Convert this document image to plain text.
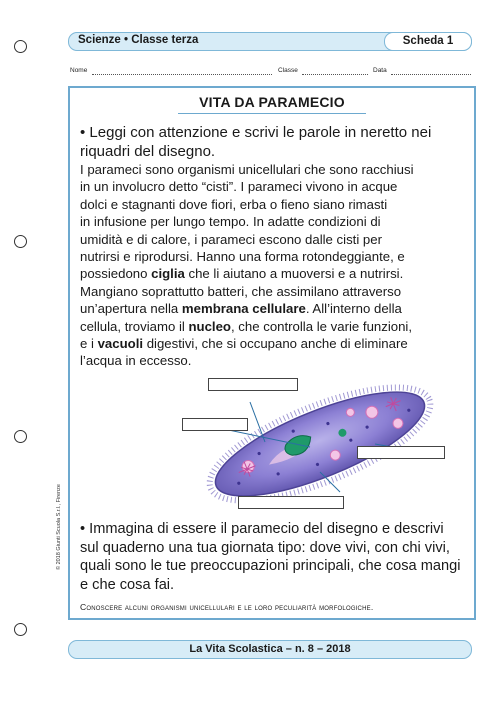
Scienze • Classe terza	Scheda 1
Nome	Classe	Data
VITA DA PARAMECIO
• Leggi con attenzione e scrivi le parole in neretto nei riquadri del disegno.
I parameci sono organismi unicellulari che sono racchiusi
in un involucro detto “cisti”. I parameci vivono in acque
dolci e stagnanti dove fiori, erba o fieno siano rimasti
in infusione per lungo tempo. In adatte condizioni di
umidità e di calore, i parameci escono dalle cisti per
nutrirsi e riprodursi. Hanno una forma rotondeggiante, e
possiedono ciglia che li aiutano a muoversi e a nutrirsi.
Mangiano soprattutto batteri, che assimilano attraverso
un’apertura nella membrana cellulare. All’interno della
cellula, troviamo il nucleo, che controlla le varie funzioni,
e i vacuoli digestivi, che si occupano anche di eliminare
l’acqua in eccesso.
• Immagina di essere il paramecio del disegno e descrivi sul quaderno una tua giornata tipo: dove vivi, con chi vivi, quali sono le tue preoccupazioni principali, che cosa mangi e che cosa fai.
Conoscere alcuni organismi unicellulari e le loro peculiarità morfologiche.
© 2018 Giunti Scuola S.r.l., Firenze
La Vita Scolastica – n. 8 – 2018
